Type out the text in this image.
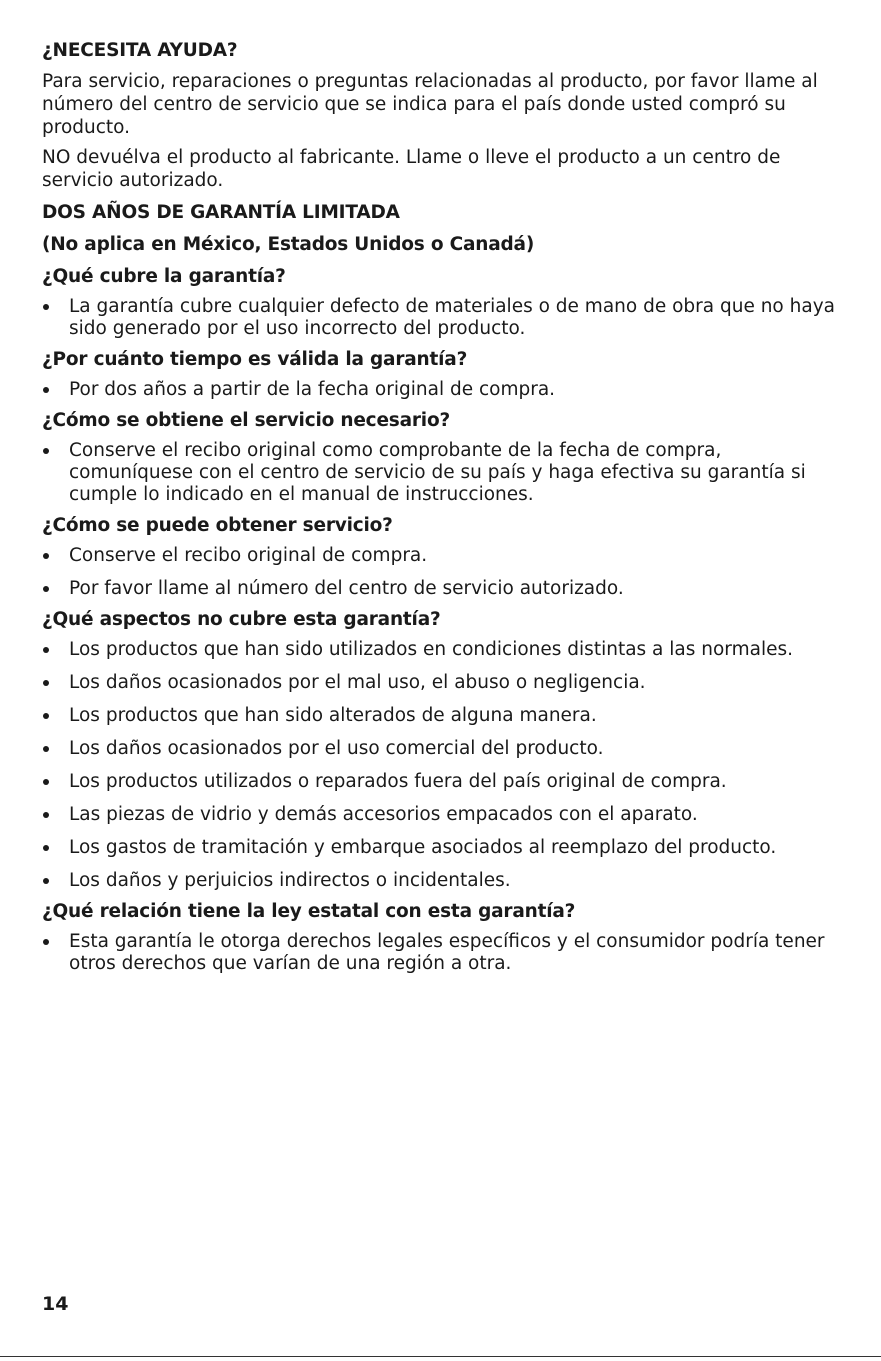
¿NECESITA AYUDA?
Para servicio, reparaciones o preguntas relacionadas al producto, por favor llame al número del centro de servicio que se indica para el país donde usted compró su producto.
NO devuélva el producto al fabricante. Llame o lleve el producto a un centro de servicio autorizado.
DOS AÑOS DE GARANTÍA LIMITADA
(No aplica en México, Estados Unidos o Canadá)
¿Qué cubre la garantía?
La garantía cubre cualquier defecto de materiales o de mano de obra que no haya sido generado por el uso incorrecto del producto.
¿Por cuánto tiempo es válida la garantía?
Por dos años a partir de la fecha original de compra.
¿Cómo se obtiene el servicio necesario?
Conserve el recibo original como comprobante de la fecha de compra, comuníquese con el centro de servicio de su país y haga efectiva su garantía si cumple lo indicado en el manual de instrucciones.
¿Cómo se puede obtener servicio?
Conserve el recibo original de compra.
Por favor llame al número del centro de servicio autorizado.
¿Qué aspectos no cubre esta garantía?
Los productos que han sido utilizados en condiciones distintas a las normales.
Los daños ocasionados por el mal uso, el abuso o negligencia.
Los productos que han sido alterados de alguna manera.
Los daños ocasionados por el uso comercial del producto.
Los productos utilizados o reparados fuera del país original de compra.
Las piezas de vidrio y demás accesorios empacados con el aparato.
Los gastos de tramitación y embarque asociados al reemplazo del producto.
Los daños y perjuicios indirectos o incidentales.
¿Qué relación tiene la ley estatal con esta garantía?
Esta garantía le otorga derechos legales específicos y el consumidor podría tener otros derechos que varían de una región a otra.
14
